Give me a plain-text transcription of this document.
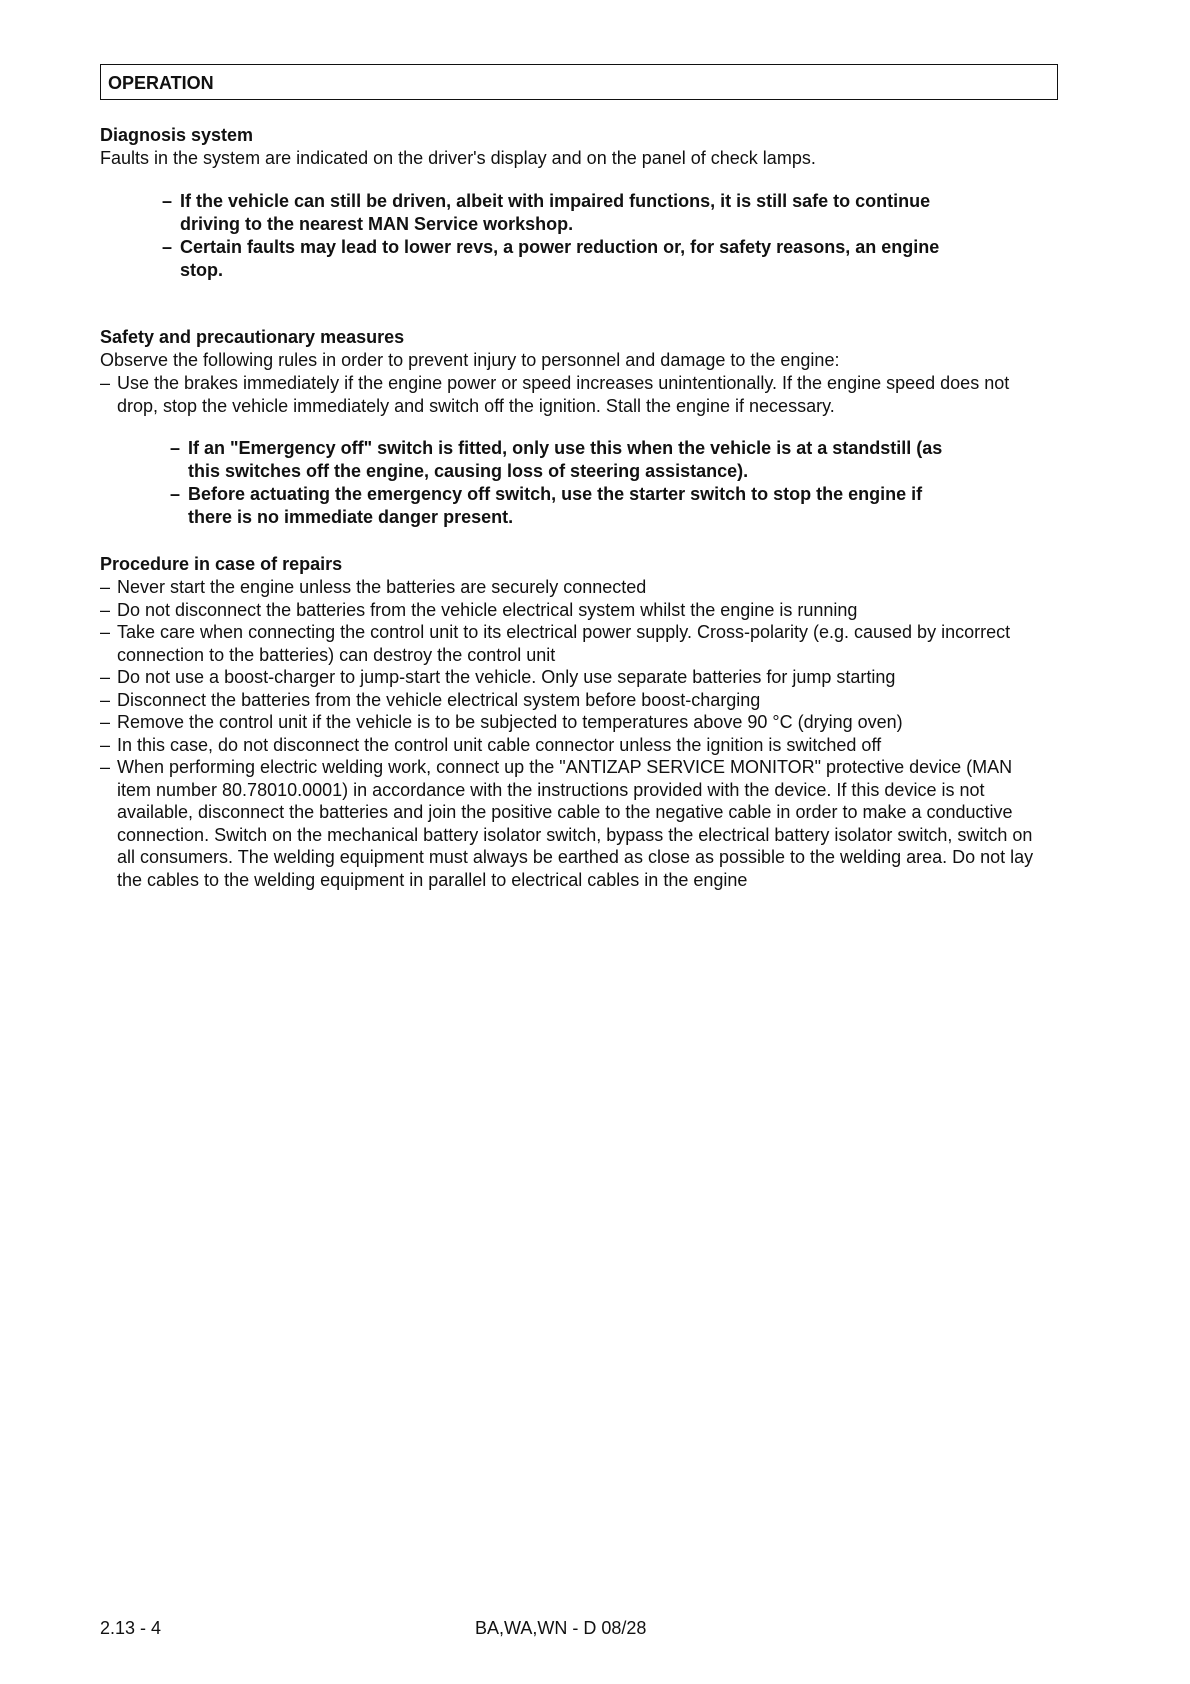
OPERATION

Diagnosis system

Faults in the system are indicated on the driver's display and on the panel of check lamps.

– If the vehicle can still be driven, albeit with impaired functions, it is still safe to continue driving to the nearest MAN Service workshop.
– Certain faults may lead to lower revs, a power reduction or, for safety reasons, an engine stop.

Safety and precautionary measures

Observe the following rules in order to prevent injury to personnel and damage to the engine:

– Use the brakes immediately if the engine power or speed increases unintentionally. If the engine speed does not drop, stop the vehicle immediately and switch off the ignition. Stall the engine if necessary.
– If an "Emergency off" switch is fitted, only use this when the vehicle is at a standstill (as this switches off the engine, causing loss of steering assistance).
– Before actuating the emergency off switch, use the starter switch to stop the engine if there is no immediate danger present.

Procedure in case of repairs

– Never start the engine unless the batteries are securely connected
– Do not disconnect the batteries from the vehicle electrical system whilst the engine is running
– Take care when connecting the control unit to its electrical power supply. Cross-polarity (e.g. caused by incorrect connection to the batteries) can destroy the control unit
– Do not use a boost-charger to jump-start the vehicle. Only use separate batteries for jump starting
– Disconnect the batteries from the vehicle electrical system before boost-charging
– Remove the control unit if the vehicle is to be subjected to temperatures above 90 °C (drying oven)
– In this case, do not disconnect the control unit cable connector unless the ignition is switched off
– When performing electric welding work, connect up the "ANTIZAP SERVICE MONITOR" protective device (MAN item number 80.78010.0001) in accordance with the instructions provided with the device. If this device is not available, disconnect the batteries and join the positive cable to the negative cable in order to make a conductive connection. Switch on the mechanical battery isolator switch, bypass the electrical battery isolator switch, switch on all consumers. The welding equipment must always be earthed as close as possible to the welding area. Do not lay the cables to the welding equipment in parallel to electrical cables in the engine
2.13 - 4	BA,WA,WN - D 08/28
